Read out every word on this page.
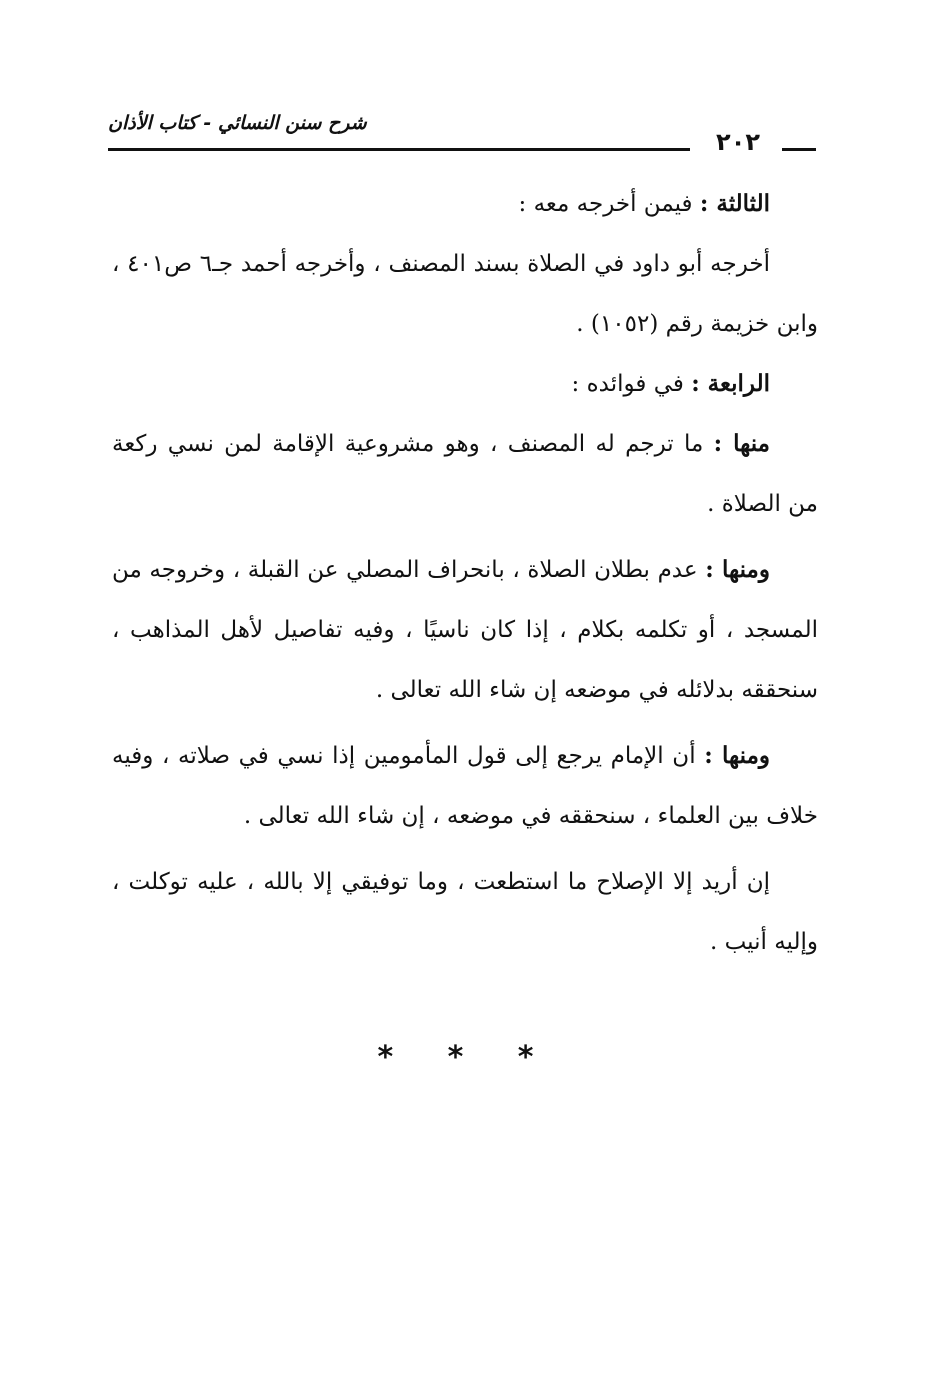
شرح سنن النسائي - كتاب الأذان
٢٠٢
الثالثة : فيمن أخرجه معه :

أخرجه أبو داود في الصلاة بسند المصنف ، وأخرجه أحمد جـ٦ ص٤٠١ ، وابن خزيمة رقم (١٠٥٢) .

الرابعة : في فوائده :

منها : ما ترجم له المصنف ، وهو مشروعية الإقامة لمن نسي ركعة من الصلاة .

ومنها : عدم بطلان الصلاة ، بانحراف المصلي عن القبلة ، وخروجه من المسجد ، أو تكلمه بكلام ، إذا كان ناسيًا ، وفيه تفاصيل لأهل المذاهب ، سنحققه بدلائله في موضعه إن شاء الله تعالى .

ومنها : أن الإمام يرجع إلى قول المأمومين إذا نسي في صلاته ، وفيه خلاف بين العلماء ، سنحققه في موضعه ، إن شاء الله تعالى .

إن أريد إلا الإصلاح ما استطعت ، وما توفيقي إلا بالله ، عليه توكلت ، وإليه أنيب .

* * *
